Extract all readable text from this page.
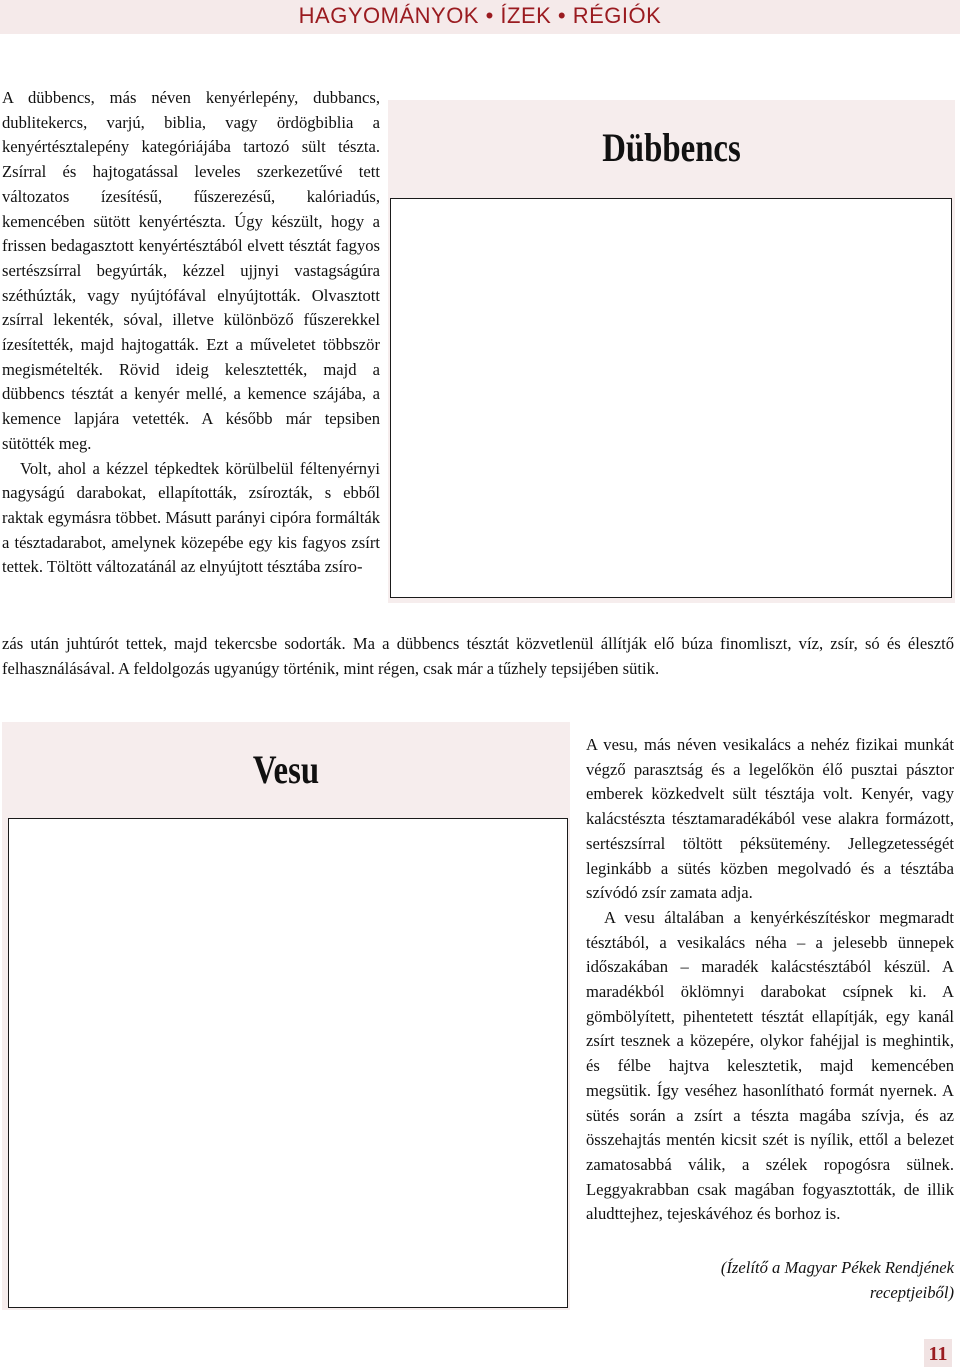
HAGYOMÁNYOK • ÍZEK • RÉGIÓK

A dübbencs, más néven kenyérlepény, dubbancs, dublitekercs, varjú, biblia, vagy ördögbiblia a kenyértésztalepény kategóriájába tartozó sült tészta. Zsírral és hajtogatással leveles szerkezetűvé tett változatos ízesítésű, fűszerezésű, kalóriadús, kemencében sütött kenyértészta. Úgy készült, hogy a frissen bedagasztott kenyértésztából elvett tésztát fagyos sertészsírral begyúrták, kézzel ujjnyi vastagságúra széthúzták, vagy nyújtófával elnyújtották. Olvasztott zsírral lekenték, sóval, illetve különböző fűszerekkel ízesítették, majd hajtogatták. Ezt a műveletet többször megismételték. Rövid ideig kelesztették, majd a dübbencs tésztát a kenyér mellé, a kemence szájába, a kemence lapjára vetették. A később már tepsiben sütötték meg.

Volt, ahol a kézzel tépkedtek körülbelül féltenyérnyi nagyságú darabokat, ellapították, zsírozták, s ebből raktak egymásra többet. Másutt parányi cipóra formálták a tésztadarabot, amelynek közepébe egy kis fagyos zsírt tettek. Töltött változatánál az elnyújtott tésztába zsíro-

Dübbencs

zás után juhtúrót tettek, majd tekercsbe sodorták. Ma a dübbencs tésztát közvetlenül állítják elő búza finomliszt, víz, zsír, só és élesztő felhasználásával. A feldolgozás ugyanúgy történik, mint régen, csak már a tűzhely tepsijében sütik.

Vesu

A vesu, más néven vesikalács a nehéz fizikai munkát végző parasztság és a legelőkön élő pusztai pásztor emberek közkedvelt sült tésztája volt. Kenyér, vagy kalácstészta tésztamaradékából vese alakra formázott, sertészsírral töltött péksütemény. Jellegzetességét leginkább a sütés közben megolvadó és a tésztába szívódó zsír zamata adja.

A vesu általában a kenyérkészítéskor megmaradt tésztából, a vesikalács néha – a jelesebb ünnepek időszakában – maradék kalácstésztából készül. A maradékból öklömnyi darabokat csípnek ki. A gömbölyített, pihentetett tésztát ellapítják, egy kanál zsírt tesznek a közepére, olykor fahéjjal is meghintik, és félbe hajtva kelesztetik, majd kemencében megsütik. Így veséhez hasonlítható formát nyernek. A sütés során a zsírt a tészta magába szívja, és az összehajtás mentén kicsit szét is nyílik, ettől a belezet zamatosabbá válik, a szélek ropogósra sülnek. Leggyakrabban csak magában fogyasztották, de illik aludttejhez, tejeskávéhoz és borhoz is.

(Ízelítő a Magyar Pékek Rendjének
receptjeiből)
11
